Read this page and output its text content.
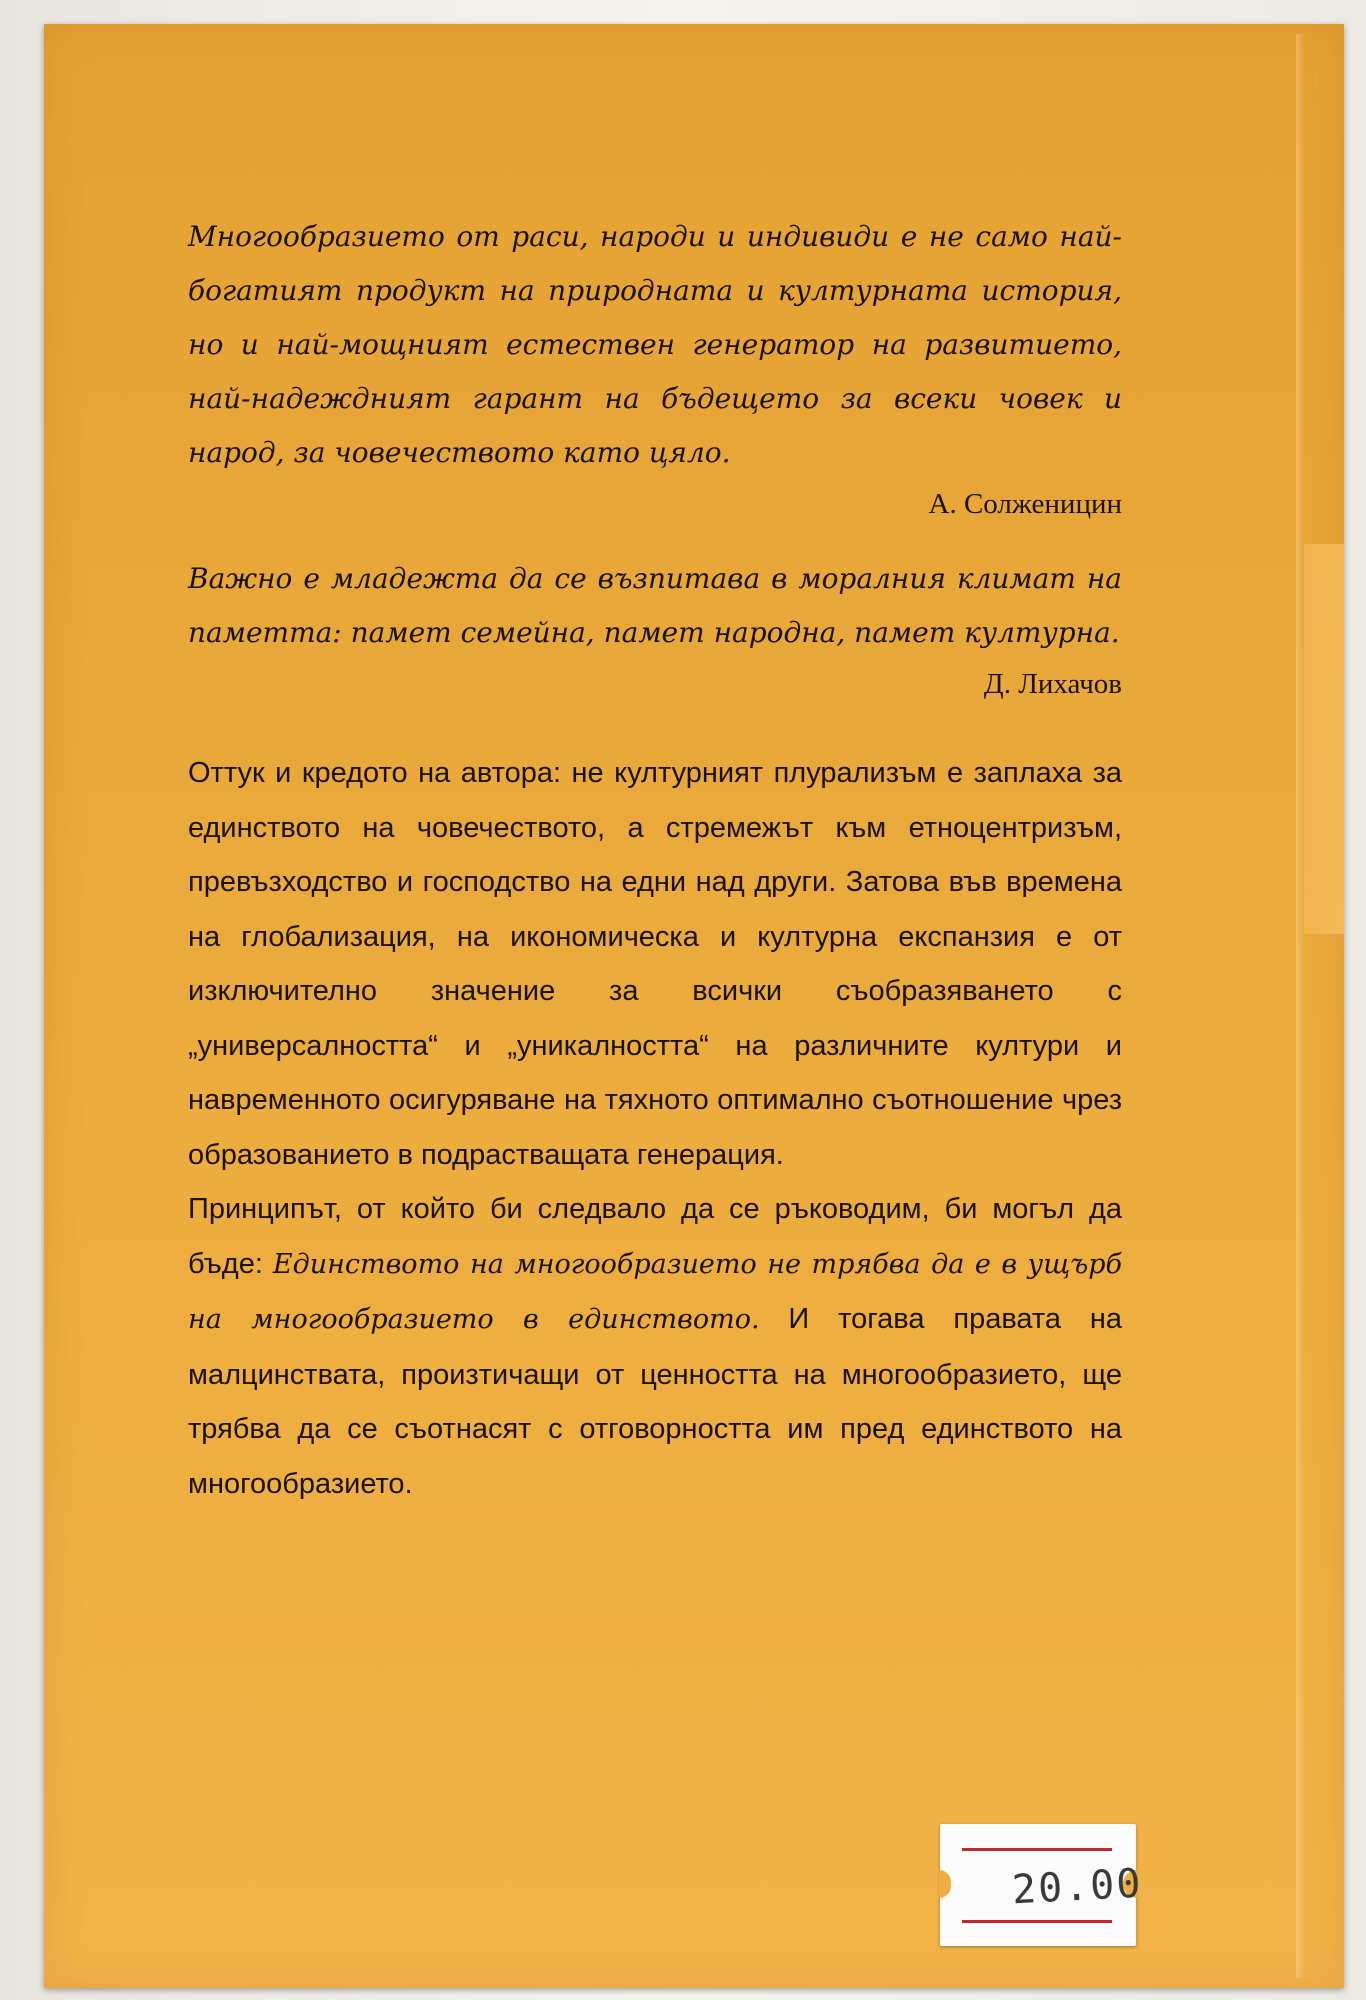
Многообразието от раси, народи и индивиди е не само най-богатият продукт на природната и културната история, но и най-мощният естествен генератор на развитието, най-надеждният гарант на бъдещето за всеки човек и народ, за човечеството като цяло.

А. Солженицин

Важно е младежта да се възпитава в моралния климат на паметта: памет семейна, памет народна, памет културна.

Д. Лихачов

Оттук и кредото на автора: не културният плурализъм е заплаха за единството на човечеството, а стремежът към етноцентризъм, превъзходство и господство на едни над други. Затова във времена на глобализация, на икономическа и културна експанзия е от изключително значение за всички съобразяването с „универсалността“ и „уникалността“ на различните култури и навременното осигуряване на тяхното оптимално съотношение чрез образованието в подрастващата генерация.

Принципът, от който би следвало да се ръководим, би могъл да бъде: Единството на многообразието не трябва да е в ущърб на многообразието в единството. И тогава правата на малцинствата, произтичащи от ценността на многообразието, ще трябва да се съотнасят с отговорността им пред единството на многообразието.

20.00
